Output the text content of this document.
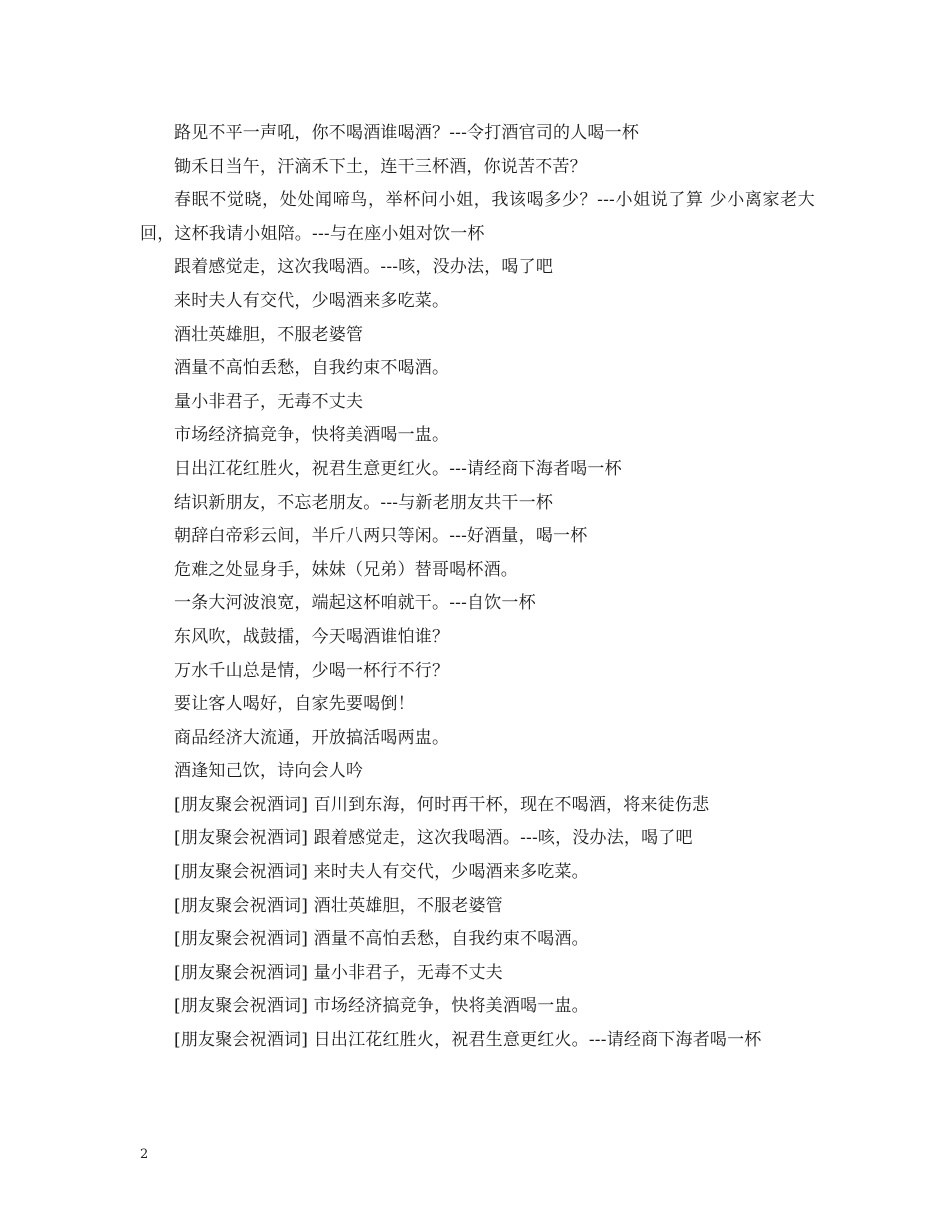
路见不平一声吼，你不喝酒谁喝酒？---令打酒官司的人喝一杯

锄禾日当午，汗滴禾下土，连干三杯酒，你说苦不苦？

春眠不觉晓，处处闻啼鸟，举杯问小姐，我该喝多少？---小姐说了算 少小离家老大回，这杯我请小姐陪。---与在座小姐对饮一杯

跟着感觉走，这次我喝酒。---咳，没办法，喝了吧

来时夫人有交代，少喝酒来多吃菜。

酒壮英雄胆，不服老婆管

酒量不高怕丢愁，自我约束不喝酒。

量小非君子，无毒不丈夫

市场经济搞竞争，快将美酒喝一盅。

日出江花红胜火，祝君生意更红火。---请经商下海者喝一杯

结识新朋友，不忘老朋友。---与新老朋友共干一杯

朝辞白帝彩云间，半斤八两只等闲。---好酒量，喝一杯

危难之处显身手，妹妹（兄弟）替哥喝杯酒。

一条大河波浪宽，端起这杯咱就干。---自饮一杯

东风吹，战鼓擂，今天喝酒谁怕谁？

万水千山总是情，少喝一杯行不行？

要让客人喝好，自家先要喝倒！

商品经济大流通，开放搞活喝两盅。

酒逢知己饮，诗向会人吟

[朋友聚会祝酒词] 百川到东海，何时再干杯，现在不喝酒，将来徒伤悲

[朋友聚会祝酒词] 跟着感觉走，这次我喝酒。---咳，没办法，喝了吧

[朋友聚会祝酒词] 来时夫人有交代，少喝酒来多吃菜。

[朋友聚会祝酒词] 酒壮英雄胆，不服老婆管

[朋友聚会祝酒词] 酒量不高怕丢愁，自我约束不喝酒。

[朋友聚会祝酒词] 量小非君子，无毒不丈夫

[朋友聚会祝酒词] 市场经济搞竞争，快将美酒喝一盅。

[朋友聚会祝酒词] 日出江花红胜火，祝君生意更红火。---请经商下海者喝一杯

2
